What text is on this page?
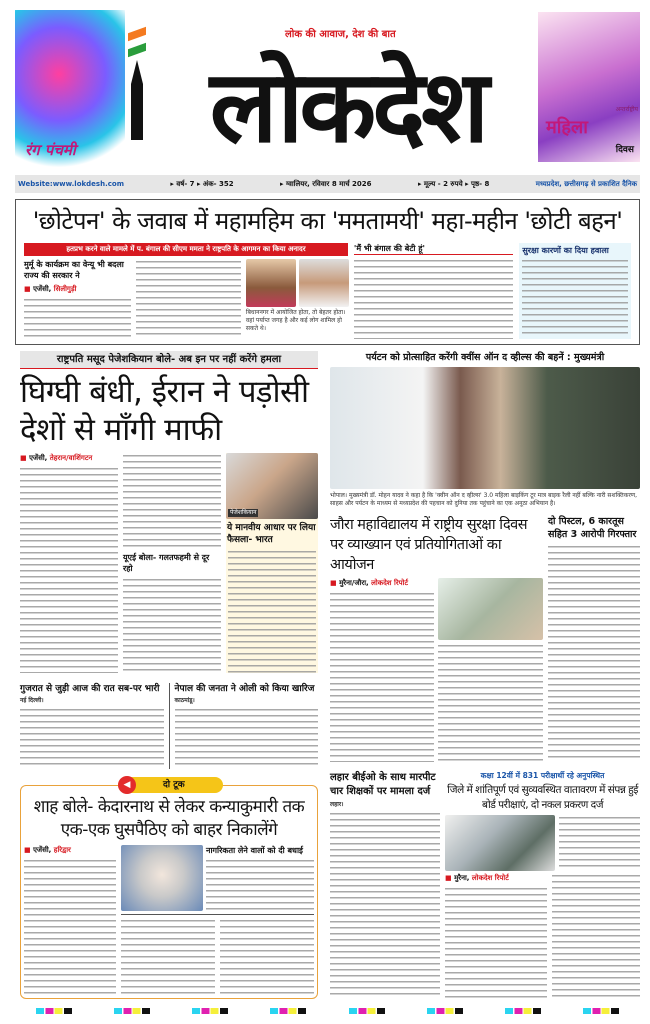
रंग पंचमी
लोक की आवाज, देश की बात
लोकदेश	अन्तर्राष्ट्रीय
महिला
दिवस
Website:www.lokdesh.com	▸ वर्ष- 7 ▸ अंक- 352	▸ ग्वालियर, रविवार 8 मार्च 2026	▸ मूल्य - 2 रुपये ▸ पृष्ठ- 8	मध्यप्रदेश, छत्तीसगढ़ से प्रकाशित दैनिक
'छोटेपन' के जवाब में महामहिम का 'ममतामयी' महा-महीन 'छोटी बहन'
हतप्रभ करने वाले मामले में प. बंगाल की सीएम ममता ने राष्ट्रपति के आगमन का किया अनादर
मुर्मू के कार्यक्रम का वेन्यू भी बदला राज्य की सरकार ने
■ एजेंसी, सिलीगुड़ी
बिधाननगर में आयोजित होता, तो बेहतर होता। वहां पर्याप्त जगह है और कई लोग शामिल हो सकते थे।
'मैं भी बंगाल की बेटी हूं'	सुरक्षा कारणों का दिया हवाला
राष्ट्रपति मसूद पेजेशकियान बोले- अब इन पर नहीं करेंगे हमला
घिग्घी बंधी, ईरान ने पड़ोसी देशों से माँगी माफी
■ एजेंसी, तेहरान/वाशिंगटन
यूएई बोला- गलतफहमी से दूर रहो
पेजेशकियान
ये मानवीय आधार पर लिया फैसला- भारत
गुजरात से जुड़ी आज की रात सब-पर भारी
नई दिल्ली।
नेपाल की जनता ने ओली को किया खारिज
काठमांडू।
◀	दो टूक
शाह बोले- केदारनाथ से लेकर कन्याकुमारी तक एक-एक घुसपैठिए को बाहर निकालेंगे
■ एजेंसी, हरिद्वार	नागरिकता लेने वालों को दी बधाई
पर्यटन को प्रोत्साहित करेंगी क्वींस ऑन द व्हील्स की बहनें : मुख्यमंत्री
भोपाल। मुख्यमंत्री डॉ. मोहन यादव ने कहा है कि 'क्वीन ऑन द व्हील्स' 3.0 महिला बाइकिंग टूर मात्र बाइक रैली नहीं बल्कि नारी सशक्तिकरण, साहस और पर्यटन के माध्यम से मध्यप्रदेश की पहचान को दुनिया तक पहुंचाने का एक अनूठा अभियान है।
जौरा महाविद्यालय में राष्ट्रीय सुरक्षा दिवस पर व्याख्यान एवं प्रतियोगिताओं का आयोजन
■ मुरैना/जौरा, लोकदेश रिपोर्ट
दो पिस्टल, 6 कारतूस सहित 3 आरोपी गिरफ्तार
लहार बीईओ के साथ मारपीट चार शिक्षकों पर मामला दर्ज
लहार।
कक्षा 12वीं में 831 परीक्षार्थी रहे अनुपस्थित
जिले में शांतिपूर्ण एवं सुव्यवस्थित वातावरण में संपन्न हुई बोर्ड परीक्षाएं, दो नकल प्रकरण दर्ज
■ मुरैना, लोकदेश रिपोर्ट
